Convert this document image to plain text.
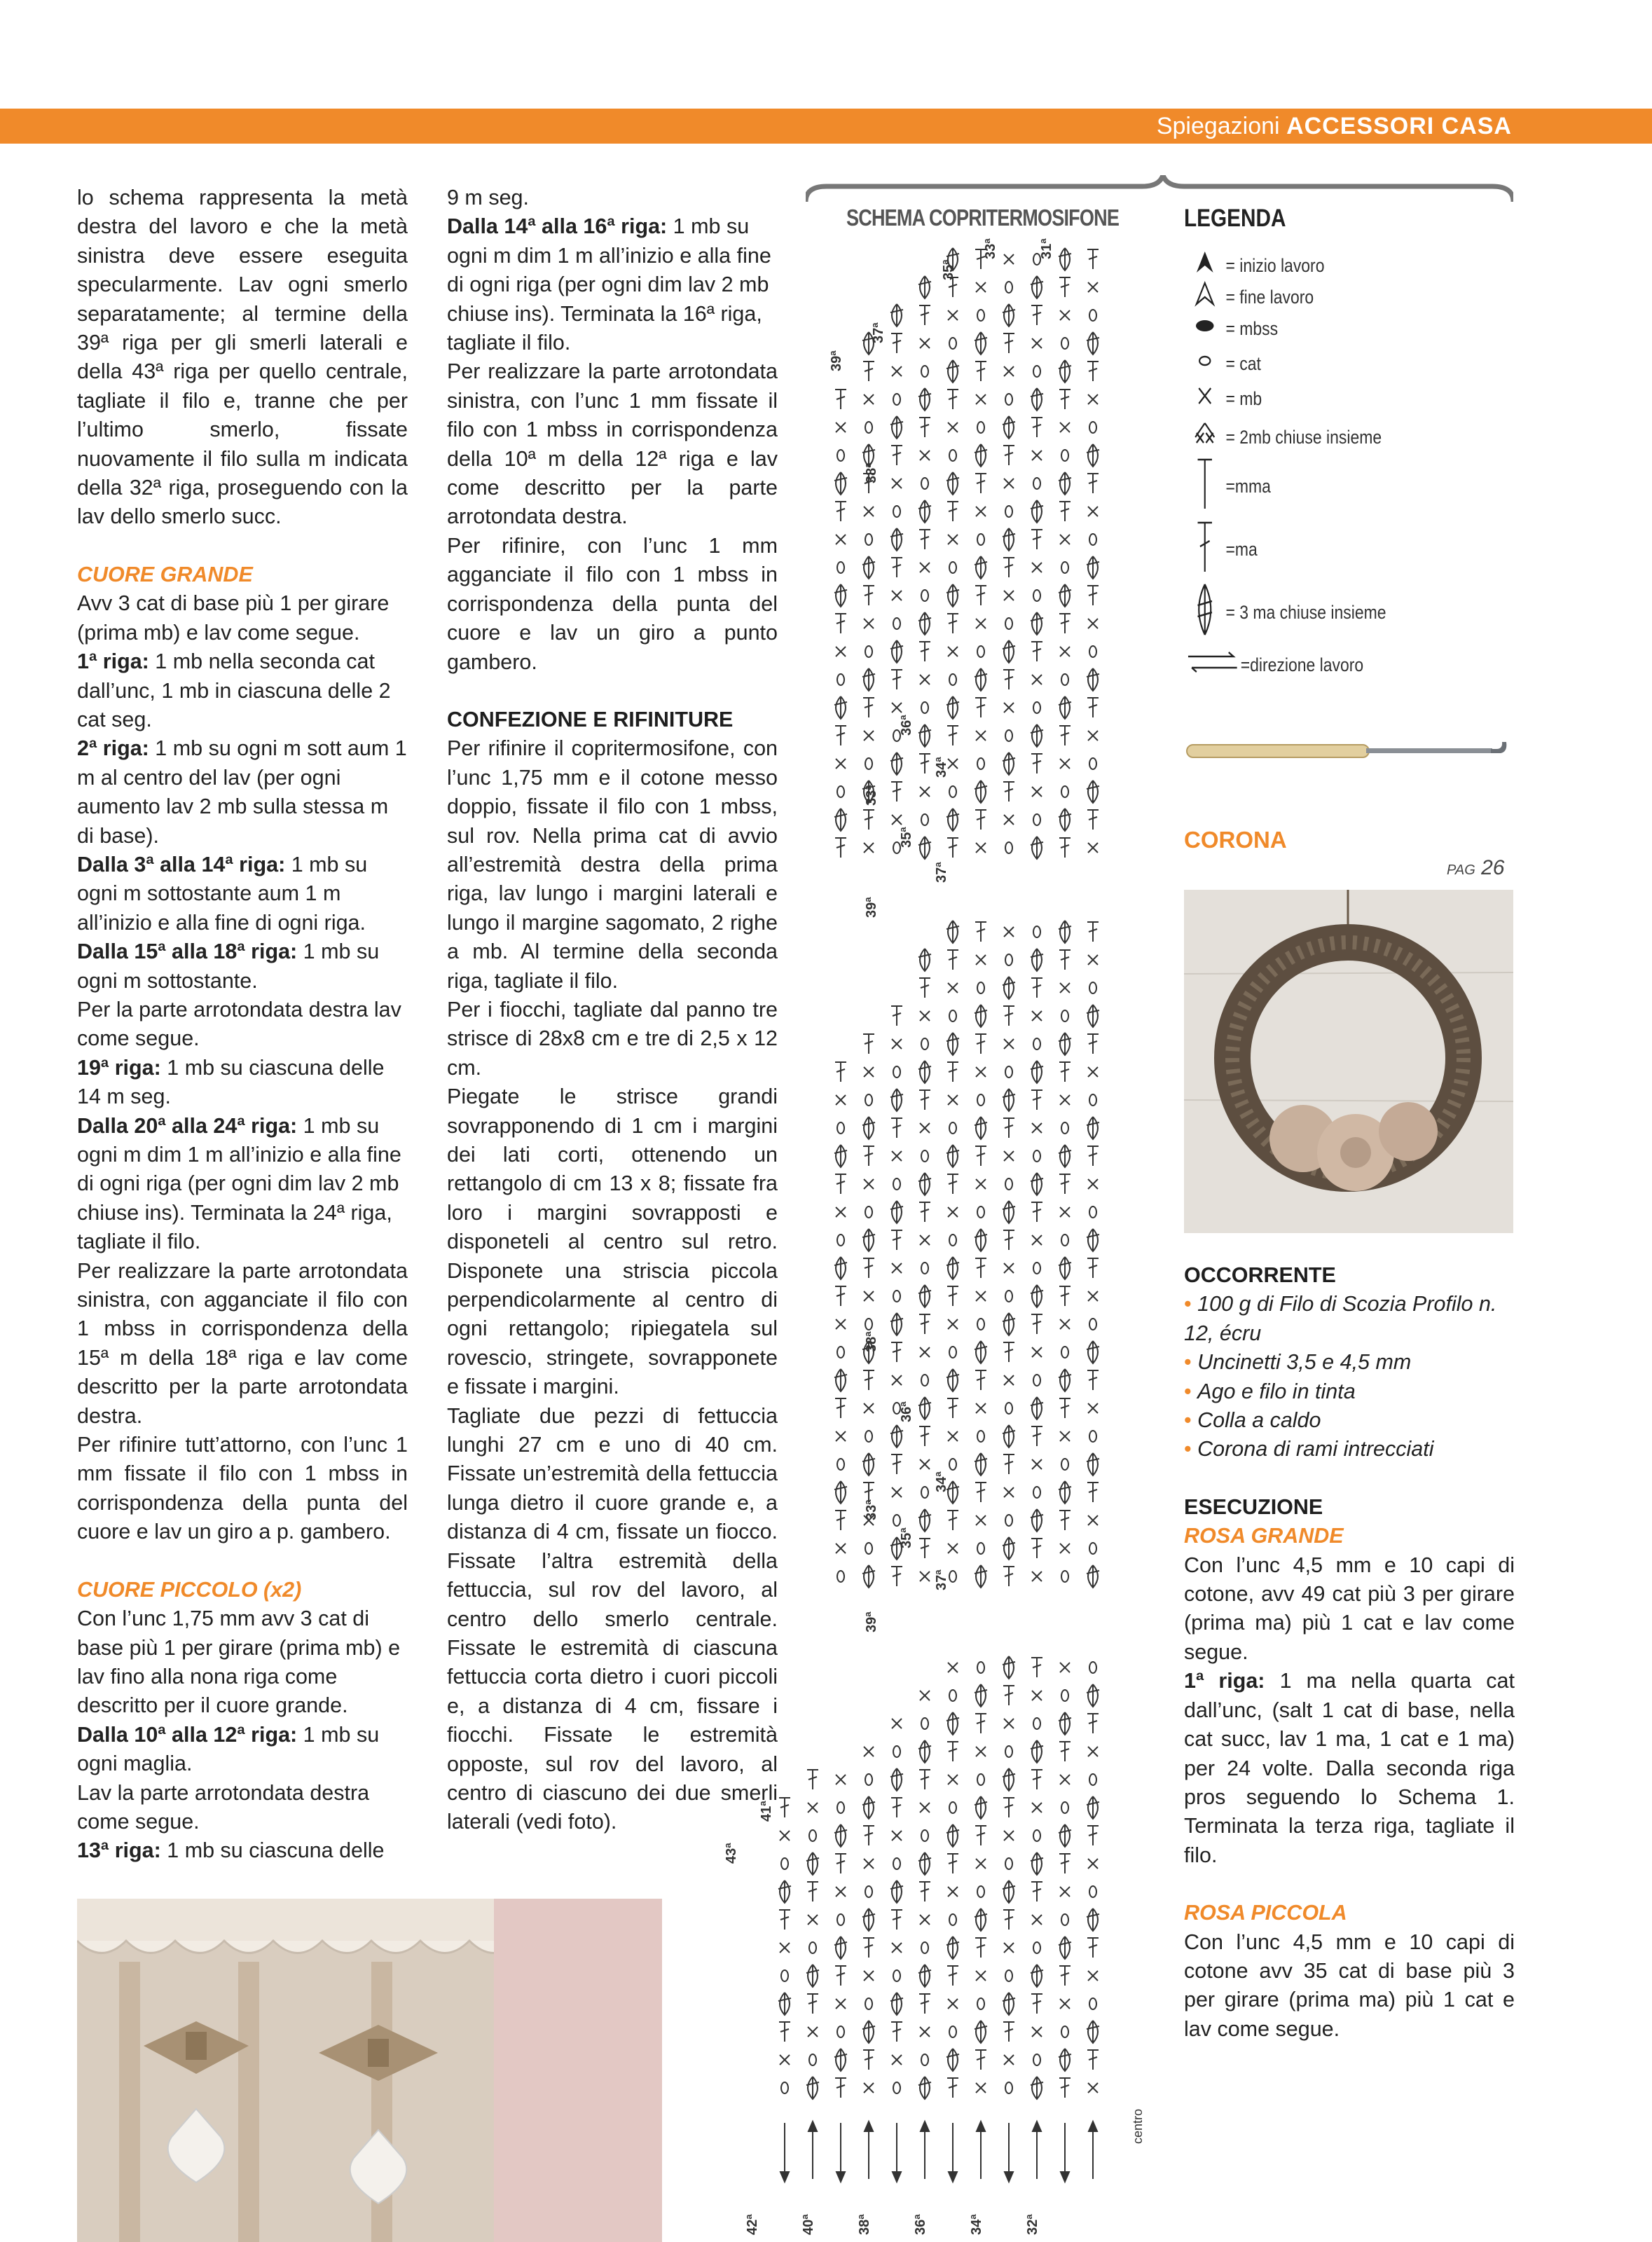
Spiegazioni ACCESSORI CASA

lo schema rappresenta la metà destra del lavoro e che la metà sinistra deve essere eseguita specularmente. Lav ogni smerlo separatamente; al termine della 39ª riga per gli smerli laterali e della 43ª riga per quello centrale, tagliate il filo e, tranne che per l’ultimo smerlo, fissate nuovamente il filo sulla m indicata della 32ª riga, proseguendo con la lav dello smerlo succ.

CUORE GRANDE

Avv 3 cat di base più 1 per girare (prima mb) e lav come segue.

1ª riga: 1 mb nella seconda cat dall’unc, 1 mb in ciascuna delle 2 cat seg.

2ª riga: 1 mb su ogni m sott aum 1 m al centro del lav (per ogni aumento lav 2 mb sulla stessa m di base).

Dalla 3ª alla 14ª riga: 1 mb su ogni m sottostante aum 1 m all’inizio e alla fine di ogni riga.

Dalla 15ª alla 18ª riga: 1 mb su ogni m sottostante.

Per la parte arrotondata destra lav come segue.

19ª riga: 1 mb su ciascuna delle 14 m seg.

Dalla 20ª alla 24ª riga: 1 mb su ogni m dim 1 m all’inizio e alla fine di ogni riga (per ogni dim lav 2 mb chiuse ins). Terminata la 24ª riga, tagliate il filo.

Per realizzare la parte arrotondata sinistra, con agganciate il filo con 1 mbss in corrispondenza della 15ª m della 18ª riga e lav come descritto per la parte arrotondata destra.

Per rifinire tutt’attorno, con l’unc 1 mm fissate il filo con 1 mbss in corrispondenza della punta del cuore e lav un giro a p. gambero.

CUORE PICCOLO (x2)

Con l’unc 1,75 mm avv 3 cat di base più 1 per girare (prima mb) e lav fino alla nona riga come descritto per il cuore grande.

Dalla 10ª alla 12ª riga: 1 mb su ogni maglia.

Lav la parte arrotondata destra come segue.

13ª riga: 1 mb su ciascuna delle

9 m seg.

Dalla 14ª alla 16ª riga: 1 mb su ogni m dim 1 m all’inizio e alla fine di ogni riga (per ogni dim lav 2 mb chiuse ins). Terminata la 16ª riga, tagliate il filo.

Per realizzare la parte arrotondata sinistra, con l’unc 1 mm fissate il filo con 1 mbss in corrispondenza della 10ª m della 12ª riga e lav come descritto per la parte arrotondata destra.

Per rifinire, con l’unc 1 mm agganciate il filo con 1 mbss in corrispondenza della punta del cuore e lav un giro a punto gambero.

CONFEZIONE E RIFINITURE

Per rifinire il copritermosifone, con l’unc 1,75 mm e il cotone messo doppio, fissate il filo con 1 mbss, sul rov. Nella prima cat di avvio all’estremità destra della prima riga, lav lungo i margini laterali e lungo il margine sagomato, 2 righe a mb. Al termine della seconda riga, tagliate il filo.

Per i fiocchi, tagliate dal panno tre strisce di 28x8 cm e tre di 2,5 x 12 cm.

Piegate le strisce grandi sovrapponendo di 1 cm i margini dei lati corti, ottenendo un rettangolo di cm 13 x 8; fissate fra loro i margini sovrapposti e disponeteli al centro sul retro. Disponete una striscia piccola perpendicolarmente al centro di ogni rettangolo; ripiegatela sul rovescio, stringete, sovrapponete e fissate i margini.

Tagliate due pezzi di fettuccia lunghi 27 cm e uno di 40 cm. Fissate un’estremità della fettuccia lunga dietro il cuore grande e, a distanza di 4 cm, fissate un fiocco. Fissate l’altra estremità della fettuccia, sul rov del lavoro, al centro dello smerlo centrale. Fissate le estremità di ciascuna fettuccia corta dietro i cuori piccoli e, a distanza di 4 cm, fissare i fiocchi. Fissate le estremità opposte, sul rov del lavoro, al centro di ciascuno dei due smerli laterali (vedi foto).

SCHEMA COPRITERMOSIFONE
35ª
33ª	31ª
39ª
37ª
38ª
36ª
34ª
33ª
35ª
37ª
39ª
38ª
36ª
34ª
33ª
35ª
37ª
39ª
43ª
41ª
42ª	40ª	38ª	36ª	34ª	32ª
centro
LEGENDA
= inizio lavoro
= fine lavoro
= mbss
= cat
= mb
= 2mb chiuse insieme
=mma
=ma
= 3 ma chiuse insieme
=direzione lavoro
CORONA
PAG 26

OCCORRENTE

• 100 g di Filo di Scozia Profilo n. 12, écru

• Uncinetti 3,5 e 4,5 mm

• Ago e filo in tinta

• Colla a caldo

• Corona di rami intrecciati

ESECUZIONE

ROSA GRANDE

Con l’unc 4,5 mm e 10 capi di cotone, avv 49 cat più 3 per girare (prima ma) più 1 cat e lav come segue.

1ª riga: 1 ma nella quarta cat dall’unc, (salt 1 cat di base, nella cat succ, lav 1 ma, 1 cat e 1 ma) per 24 volte. Dalla seconda riga pros seguendo lo Schema 1. Terminata la terza riga, tagliate il filo.

ROSA PICCOLA

Con l’unc 4,5 mm e 10 capi di cotone avv 35 cat di base più 3 per girare (prima ma) più 1 cat e lav come segue.
